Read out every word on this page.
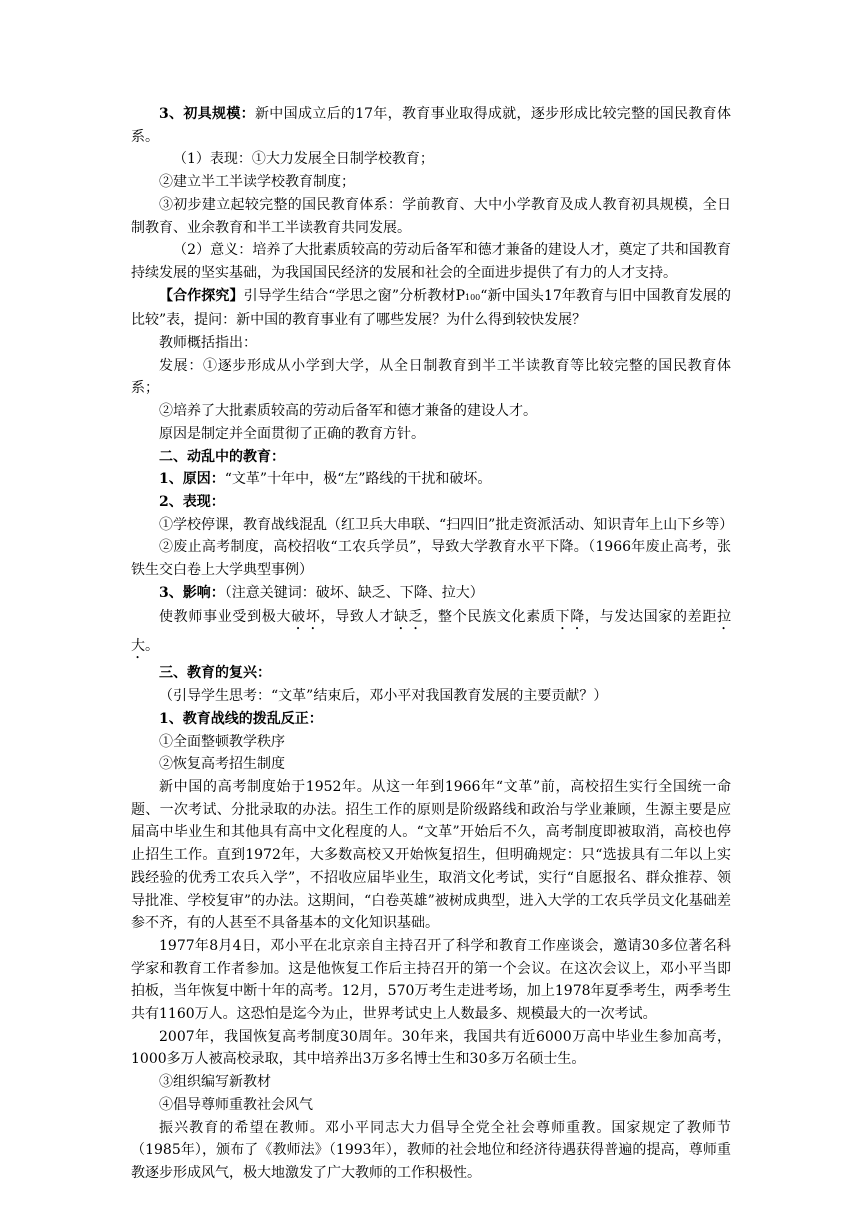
3、初具规模：新中国成立后的17年，教育事业取得成就，逐步形成比较完整的国民教育体系。

（1）表现：①大力发展全日制学校教育；

②建立半工半读学校教育制度；

③初步建立起较完整的国民教育体系：学前教育、大中小学教育及成人教育初具规模，全日制教育、业余教育和半工半读教育共同发展。

（2）意义：培养了大批素质较高的劳动后备军和德才兼备的建设人才，奠定了共和国教育持续发展的坚实基础，为我国国民经济的发展和社会的全面进步提供了有力的人才支持。

【合作探究】引导学生结合“学思之窗”分析教材P100“新中国头17年教育与旧中国教育发展的比较”表，提问：新中国的教育事业有了哪些发展？为什么得到较快发展？

教师概括指出：

发展：①逐步形成从小学到大学，从全日制教育到半工半读教育等比较完整的国民教育体系；

②培养了大批素质较高的劳动后备军和德才兼备的建设人才。

原因是制定并全面贯彻了正确的教育方针。

二、动乱中的教育：

1、原因：“文革”十年中，极“左”路线的干扰和破坏。

2、表现：

①学校停课，教育战线混乱（红卫兵大串联、“扫四旧”批走资派活动、知识青年上山下乡等）

②废止高考制度，高校招收“工农兵学员”，导致大学教育水平下降。（1966年废止高考，张铁生交白卷上大学典型事例）

3、影响：（注意关键词：破坏、缺乏、下降、拉大）

使教师事业受到极大破坏，导致人才缺乏，整个民族文化素质下降，与发达国家的差距拉大。

三、教育的复兴：

（引导学生思考：“文革”结束后，邓小平对我国教育发展的主要贡献？）

1、教育战线的拨乱反正：

①全面整顿教学秩序

②恢复高考招生制度

新中国的高考制度始于1952年。从这一年到1966年“文革”前，高校招生实行全国统一命题、一次考试、分批录取的办法。招生工作的原则是阶级路线和政治与学业兼顾，生源主要是应届高中毕业生和其他具有高中文化程度的人。“文革”开始后不久，高考制度即被取消，高校也停止招生工作。直到1972年，大多数高校又开始恢复招生，但明确规定：只“选拔具有二年以上实践经验的优秀工农兵入学”，不招收应届毕业生，取消文化考试，实行“自愿报名、群众推荐、领导批准、学校复审”的办法。这期间，“白卷英雄”被树成典型，进入大学的工农兵学员文化基础差参不齐，有的人甚至不具备基本的文化知识基础。

1977年8月4日，邓小平在北京亲自主持召开了科学和教育工作座谈会，邀请30多位著名科学家和教育工作者参加。这是他恢复工作后主持召开的第一个会议。在这次会议上，邓小平当即拍板，当年恢复中断十年的高考。12月，570万考生走进考场，加上1978年夏季考生，两季考生共有1160万人。这恐怕是迄今为止，世界考试史上人数最多、规模最大的一次考试。

2007年，我国恢复高考制度30周年。30年来，我国共有近6000万高中毕业生参加高考，1000多万人被高校录取，其中培养出3万多名博士生和30多万名硕士生。

③组织编写新教材

④倡导尊师重教社会风气

振兴教育的希望在教师。邓小平同志大力倡导全党全社会尊师重教。国家规定了教师节（1985年），颁布了《教师法》（1993年），教师的社会地位和经济待遇获得普遍的提高，尊师重教逐步形成风气，极大地激发了广大教师的工作积极性。
